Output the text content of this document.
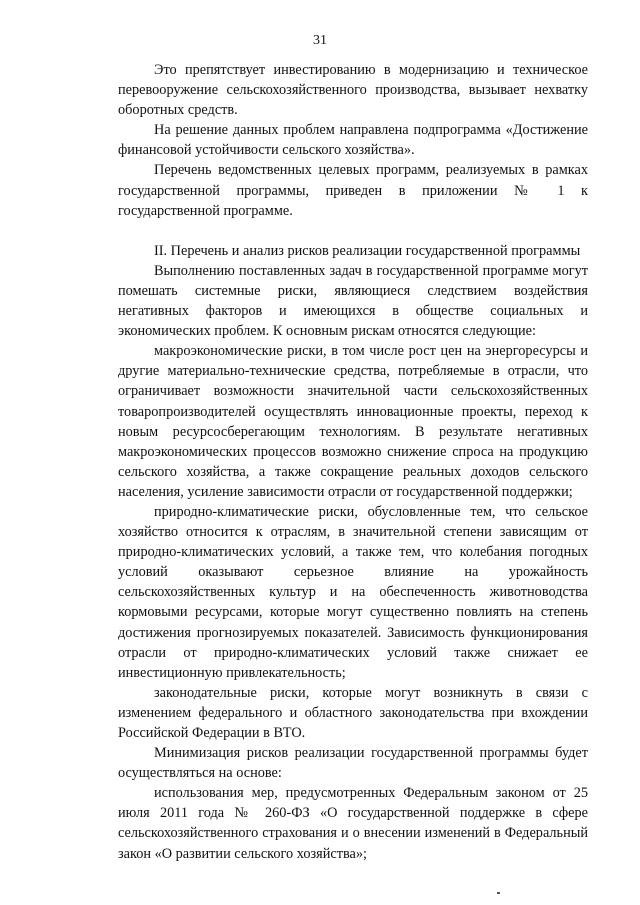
31

Это препятствует инвестированию в модернизацию и техническое перевооружение сельскохозяйственного производства, вызывает нехватку оборотных средств.

На решение данных проблем направлена подпрограмма «Достижение финансовой устойчивости сельского хозяйства».

Перечень ведомственных целевых программ, реализуемых в рамках государственной программы, приведен в приложении № 1 к государственной программе.

II. Перечень и анализ рисков реализации государственной программы

Выполнению поставленных задач в государственной программе могут помешать системные риски, являющиеся следствием воздействия негативных факторов и имеющихся в обществе социальных и экономических проблем. К основным рискам относятся следующие:

макроэкономические риски, в том числе рост цен на энергоресурсы и другие материально-технические средства, потребляемые в отрасли, что ограничивает возможности значительной части сельскохозяйственных товаропроизводителей осуществлять инновационные проекты, переход к новым ресурсосберегающим технологиям. В результате негативных макроэкономических процессов возможно снижение спроса на продукцию сельского хозяйства, а также сокращение реальных доходов сельского населения, усиление зависимости отрасли от государственной поддержки;

природно-климатические риски, обусловленные тем, что сельское хозяйство относится к отраслям, в значительной степени зависящим от природно-климатических условий, а также тем, что колебания погодных условий оказывают серьезное влияние на урожайность сельскохозяйственных культур и на обеспеченность животноводства кормовыми ресурсами, которые могут существенно повлиять на степень достижения прогнозируемых показателей. Зависимость функционирования отрасли от природно-климатических условий также снижает ее инвестиционную привлекательность;

законодательные риски, которые могут возникнуть в связи с изменением федерального и областного законодательства при вхождении Российской Федерации в ВТО.

Минимизация рисков реализации государственной программы будет осуществляться на основе:

использования мер, предусмотренных Федеральным законом от 25 июля 2011 года № 260-ФЗ «О государственной поддержке в сфере сельскохозяйственного страхования и о внесении изменений в Федеральный закон «О развитии сельского хозяйства»;
